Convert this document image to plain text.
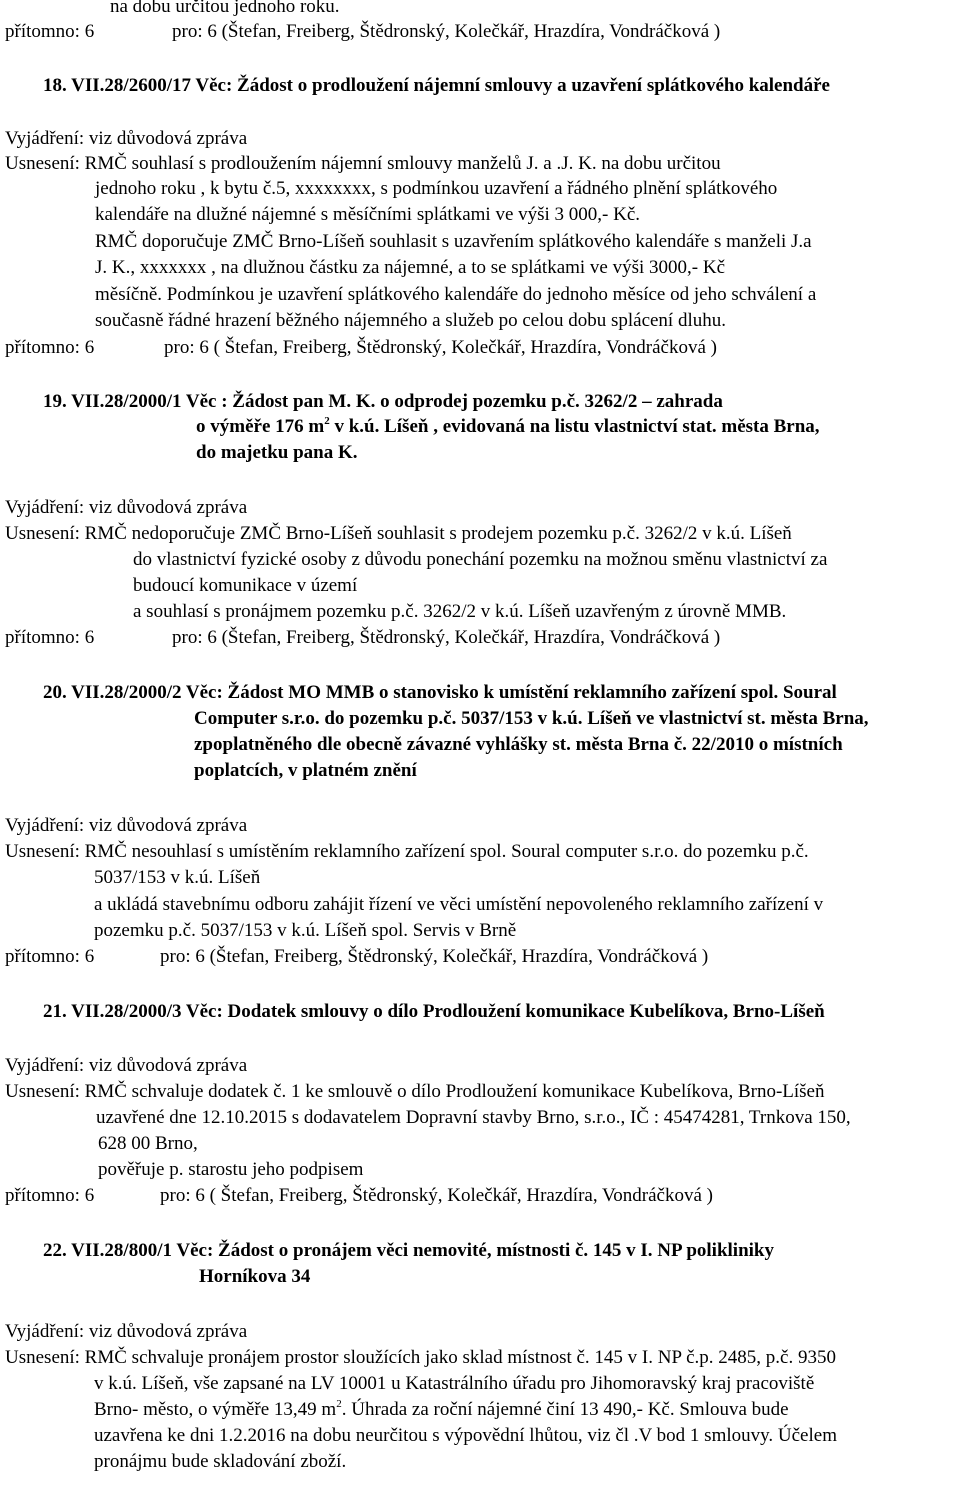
na dobu určitou jednoho roku.
přítomno: 6	pro: 6 (Štefan, Freiberg, Štědronský, Kolečkář, Hrazdíra, Vondráčková )
18. VII.28/2600/17 Věc: Žádost o prodloužení nájemní smlouvy a uzavření splátkového kalendáře
Vyjádření: viz důvodová zpráva
Usnesení: RMČ souhlasí s prodloužením nájemní smlouvy manželů J. a .J. K. na dobu určitou
jednoho roku , k bytu č.5, xxxxxxxx, s podmínkou uzavření a řádného plnění splátkového
kalendáře na dlužné nájemné s měsíčními splátkami ve výši 3 000,- Kč.
RMČ doporučuje ZMČ Brno-Líšeň souhlasit s uzavřením splátkového kalendáře s manželi J.a
J. K., xxxxxxx , na dlužnou částku za nájemné, a to se splátkami ve výši 3000,- Kč
měsíčně. Podmínkou je uzavření splátkového kalendáře do jednoho měsíce od jeho schválení a
současně řádné hrazení běžného nájemného a služeb po celou dobu splácení dluhu.
přítomno: 6	pro: 6 ( Štefan, Freiberg, Štědronský, Kolečkář, Hrazdíra, Vondráčková )
19. VII.28/2000/1 Věc : Žádost pan M. K. o odprodej pozemku p.č. 3262/2 – zahrada
o výměře 176 $m^2$ v k.ú. Líšeň , evidovaná na listu vlastnictví stat. města Brna,
do majetku pana K.
Vyjádření: viz důvodová zpráva
Usnesení: RMČ nedoporučuje ZMČ Brno-Líšeň souhlasit s prodejem pozemku p.č. 3262/2 v k.ú. Líšeň
do vlastnictví fyzické osoby z důvodu ponechání pozemku na možnou směnu vlastnictví za
budoucí komunikace v území
a souhlasí s pronájmem pozemku p.č. 3262/2 v k.ú. Líšeň uzavřeným z úrovně MMB.
přítomno: 6	pro: 6 (Štefan, Freiberg, Štědronský, Kolečkář, Hrazdíra, Vondráčková )
20. VII.28/2000/2 Věc: Žádost MO MMB o stanovisko k umístění reklamního zařízení spol. Soural
Computer s.r.o. do pozemku p.č. 5037/153 v k.ú. Líšeň ve vlastnictví st. města Brna,
zpoplatněného dle obecně závazné vyhlášky st. města Brna č. 22/2010 o místních
poplatcích, v platném znění
Vyjádření: viz důvodová zpráva
Usnesení: RMČ nesouhlasí s umístěním reklamního zařízení spol. Soural computer s.r.o. do pozemku p.č.
5037/153 v k.ú. Líšeň
a ukládá stavebnímu odboru zahájit řízení ve věci umístění nepovoleného reklamního zařízení v
pozemku p.č. 5037/153 v k.ú. Líšeň spol. Servis v Brně
přítomno: 6	pro: 6 (Štefan, Freiberg, Štědronský, Kolečkář, Hrazdíra, Vondráčková )
21. VII.28/2000/3 Věc: Dodatek smlouvy o dílo Prodloužení komunikace Kubelíkova, Brno-Líšeň
Vyjádření: viz důvodová zpráva
Usnesení: RMČ schvaluje dodatek č. 1 ke smlouvě o dílo Prodloužení komunikace Kubelíkova, Brno-Líšeň
uzavřené dne 12.10.2015 s dodavatelem Dopravní stavby Brno, s.r.o., IČ : 45474281, Trnkova 150,
628 00 Brno,
pověřuje p. starostu jeho podpisem
přítomno: 6	pro: 6 ( Štefan, Freiberg, Štědronský, Kolečkář, Hrazdíra, Vondráčková )
22. VII.28/800/1 Věc: Žádost o pronájem věci nemovité, místnosti č. 145 v I. NP polikliniky
Horníkova 34
Vyjádření: viz důvodová zpráva
Usnesení: RMČ schvaluje pronájem prostor sloužících jako sklad místnost č. 145 v I. NP č.p. 2485, p.č. 9350
v k.ú. Líšeň, vše zapsané na LV 10001 u Katastrálního úřadu pro Jihomoravský kraj pracoviště
Brno- město, o výměře 13,49 $m^2$. Úhrada za roční nájemné činí 13 490,- Kč. Smlouva bude
uzavřena ke dni 1.2.2016 na dobu neurčitou s výpovědní lhůtou, viz čl .V bod 1 smlouvy. Účelem
pronájmu bude skladování zboží.
